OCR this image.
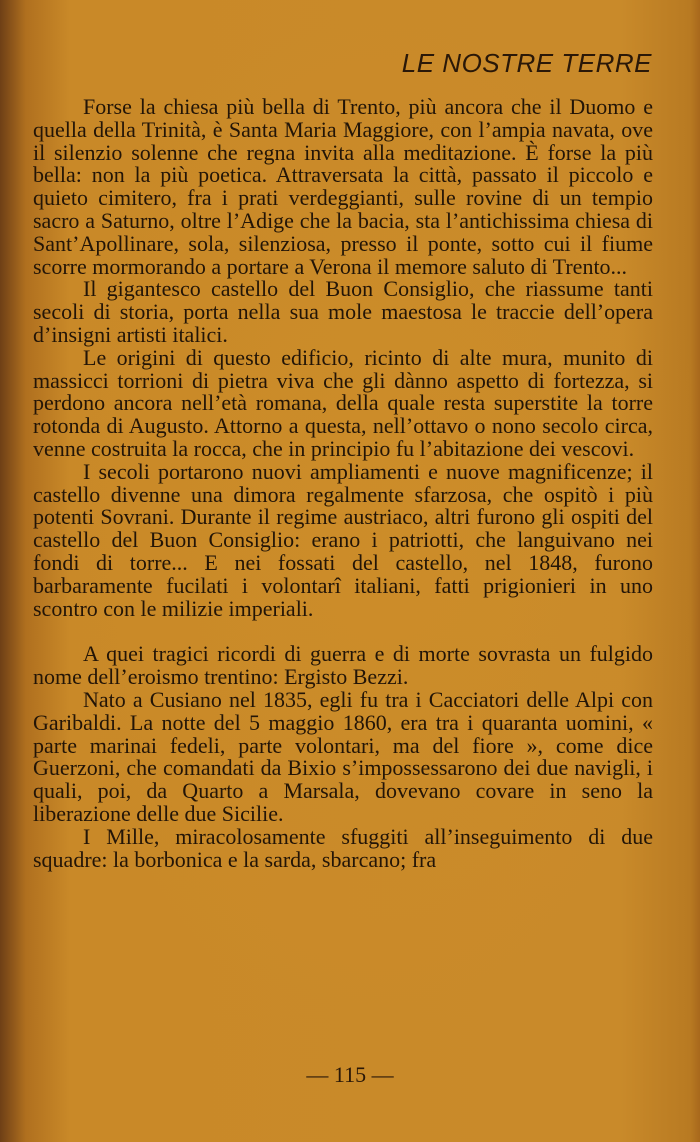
LE NOSTRE TERRE

Forse la chiesa più bella di Trento, più ancora che il Duomo e quella della Trinità, è Santa Maria Maggiore, con l’ampia navata, ove il silenzio solenne che regna invita alla meditazione. È forse la più bella: non la più poetica. Attraversata la città, passato il piccolo e quieto cimitero, fra i prati verdeggianti, sulle rovine di un tempio sacro a Saturno, oltre l’Adige che la bacia, sta l’antichissima chiesa di Sant’Apollinare, sola, silenziosa, presso il ponte, sotto cui il fiume scorre mormorando a portare a Verona il memore saluto di Trento...

Il gigantesco castello del Buon Consiglio, che riassume tanti secoli di storia, porta nella sua mole maestosa le traccie dell’opera d’insigni artisti italici.

Le origini di questo edificio, ricinto di alte mura, munito di massicci torrioni di pietra viva che gli dànno aspetto di fortezza, si perdono ancora nell’età romana, della quale resta superstite la torre rotonda di Augusto. Attorno a questa, nell’ottavo o nono secolo circa, venne costruita la rocca, che in principio fu l’abitazione dei vescovi.

I secoli portarono nuovi ampliamenti e nuove magnificenze; il castello divenne una dimora regalmente sfarzosa, che ospitò i più potenti Sovrani. Durante il regime austriaco, altri furono gli ospiti del castello del Buon Consiglio: erano i patriotti, che languivano nei fondi di torre... E nei fossati del castello, nel 1848, furono barbaramente fucilati i volontarî italiani, fatti prigionieri in uno scontro con le milizie imperiali.

A quei tragici ricordi di guerra e di morte sovrasta un fulgido nome dell’eroismo trentino: Ergisto Bezzi.

Nato a Cusiano nel 1835, egli fu tra i Cacciatori delle Alpi con Garibaldi. La notte del 5 maggio 1860, era tra i quaranta uomini, « parte marinai fedeli, parte volontari, ma del fiore », come dice Guerzoni, che comandati da Bixio s’impossessarono dei due navigli, i quali, poi, da Quarto a Marsala, dovevano covare in seno la liberazione delle due Sicilie.

I Mille, miracolosamente sfuggiti all’inseguimento di due squadre: la borbonica e la sarda, sbarcano; fra

— 115 —
